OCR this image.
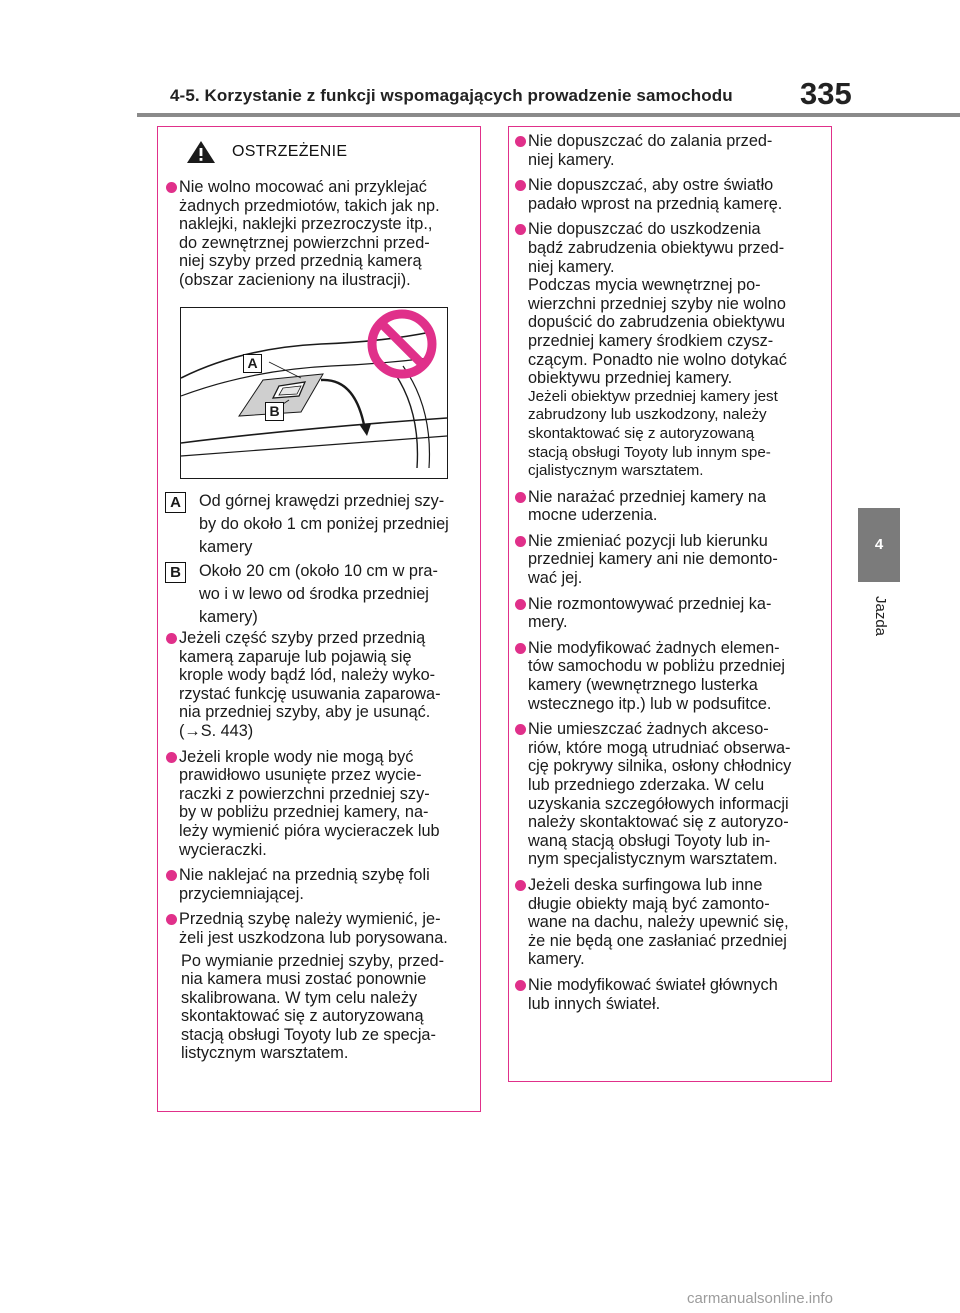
4-5. Korzystanie z funkcji wspomagających prowadzenie samochodu 335
4
Jazda
OSTRZEŻENIE
Nie wolno mocować ani przyklejać
żadnych przedmiotów, takich jak np.
naklejki, naklejki przezroczyste itp.,
do zewnętrznej powierzchni przed-
niej szyby przed przednią kamerą
(obszar zacieniony na ilustracji).
A
B
A	Od górnej krawędzi przedniej szy-
by do około 1 cm poniżej przedniej
kamery
B	Około 20 cm (około 10 cm w pra-
wo i w lewo od środka przedniej
kamery)
Jeżeli część szyby przed przednią
kamerą zaparuje lub pojawią się
krople wody bądź lód, należy wyko-
rzystać funkcję usuwania zaparowa-
nia przedniej szyby, aby je usunąć.
(→S. 443)
Jeżeli krople wody nie mogą być
prawidłowo usunięte przez wycie-
raczki z powierzchni przedniej szy-
by w pobliżu przedniej kamery, na-
leży wymienić pióra wycieraczek lub
wycieraczki.
Nie naklejać na przednią szybę foli
przyciemniającej.
Przednią szybę należy wymienić, je-
żeli jest uszkodzona lub porysowana.
Po wymianie przedniej szyby, przed-
nia kamera musi zostać ponownie
skalibrowana. W tym celu należy
skontaktować się z autoryzowaną
stacją obsługi Toyoty lub ze specja-
listycznym warsztatem.
Nie dopuszczać do zalania przed-
niej kamery.
Nie dopuszczać, aby ostre światło
padało wprost na przednią kamerę.
Nie dopuszczać do uszkodzenia
bądź zabrudzenia obiektywu przed-
niej kamery.
Podczas mycia wewnętrznej po-
wierzchni przedniej szyby nie wolno
dopuścić do zabrudzenia obiektywu
przedniej kamery środkiem czysz-
czącym. Ponadto nie wolno dotykać
obiektywu przedniej kamery.
Jeżeli obiektyw przedniej kamery jest
zabrudzony lub uszkodzony, należy
skontaktować się z autoryzowaną
stacją obsługi Toyoty lub innym spe-
cjalistycznym warsztatem.
Nie narażać przedniej kamery na
mocne uderzenia.
Nie zmieniać pozycji lub kierunku
przedniej kamery ani nie demonto-
wać jej.
Nie rozmontowywać przedniej ka-
mery.
Nie modyfikować żadnych elemen-
tów samochodu w pobliżu przedniej
kamery (wewnętrznego lusterka
wstecznego itp.) lub w podsufitce.
Nie umieszczać żadnych akceso-
riów, które mogą utrudniać obserwa-
cję pokrywy silnika, osłony chłodnicy
lub przedniego zderzaka. W celu
uzyskania szczegółowych informacji
należy skontaktować się z autoryzo-
waną stacją obsługi Toyoty lub in-
nym specjalistycznym warsztatem.
Jeżeli deska surfingowa lub inne
długie obiekty mają być zamonto-
wane na dachu, należy upewnić się,
że nie będą one zasłaniać przedniej
kamery.
Nie modyfikować świateł głównych
lub innych świateł.
carmanualsonline.info
